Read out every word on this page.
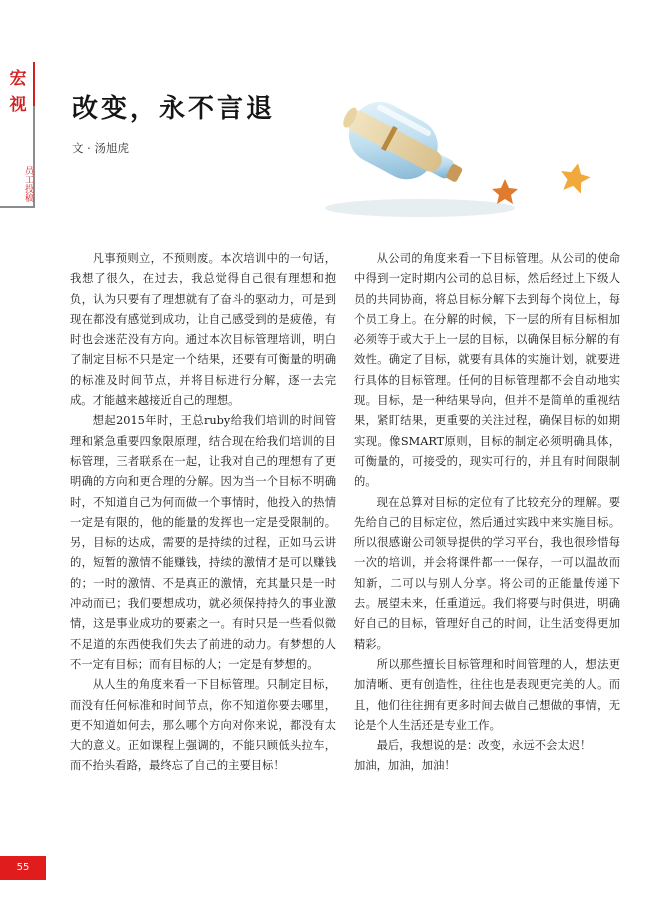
宏视
员工投稿
改变，永不言退
文 · 汤旭虎

凡事预则立，不预则废。本次培训中的一句话，我想了很久，在过去，我总觉得自己很有理想和抱负，认为只要有了理想就有了奋斗的驱动力，可是到现在都没有感觉到成功，让自己感受到的是疲倦，有时也会迷茫没有方向。通过本次目标管理培训，明白了制定目标不只是定一个结果，还要有可衡量的明确的标准及时间节点，并将目标进行分解，逐一去完成。才能越来越接近自己的理想。

想起2015年时，王总ruby给我们培训的时间管理和紧急重要四象限原理，结合现在给我们培训的目标管理，三者联系在一起，让我对自己的理想有了更明确的方向和更合理的分解。因为当一个目标不明确时，不知道自己为何而做一个事情时，他投入的热情一定是有限的，他的能量的发挥也一定是受限制的。另，目标的达成，需要的是持续的过程，正如马云讲的，短暂的激情不能赚钱，持续的激情才是可以赚钱的；一时的激情、不是真正的激情，充其量只是一时冲动而已；我们要想成功，就必须保持持久的事业激情，这是事业成功的要素之一。有时只是一些看似微不足道的东西使我们失去了前进的动力。有梦想的人不一定有目标；而有目标的人；一定是有梦想的。

从人生的角度来看一下目标管理。只制定目标，而没有任何标准和时间节点，你不知道你要去哪里，更不知道如何去，那么哪个方向对你来说，都没有太大的意义。正如课程上强调的，不能只顾低头拉车，而不抬头看路，最终忘了自己的主要目标！

从公司的角度来看一下目标管理。从公司的使命中得到一定时期内公司的总目标，然后经过上下级人员的共同协商，将总目标分解下去到每个岗位上，每个员工身上。在分解的时候，下一层的所有目标相加必须等于或大于上一层的目标，以确保目标分解的有效性。确定了目标，就要有具体的实施计划，就要进行具体的目标管理。任何的目标管理都不会自动地实现。目标，是一种结果导向，但并不是简单的重视结果，紧盯结果，更重要的关注过程，确保目标的如期实现。像SMART原则，目标的制定必须明确具体，可衡量的，可接受的，现实可行的，并且有时间限制的。

现在总算对目标的定位有了比较充分的理解。要先给自己的目标定位，然后通过实践中来实施目标。所以很感谢公司领导提供的学习平台，我也很珍惜每一次的培训，并会将课件都一一保存，一可以温故而知新，二可以与别人分享。将公司的正能量传递下去。展望未来，任重道远。我们将要与时俱进，明确好自己的目标，管理好自己的时间，让生活变得更加精彩。

所以那些擅长目标管理和时间管理的人，想法更加清晰、更有创造性，往往也是表现更完美的人。而且，他们往往拥有更多时间去做自己想做的事情，无论是个人生活还是专业工作。

最后，我想说的是：改变，永远不会太迟！

加油，加油，加油！

55
